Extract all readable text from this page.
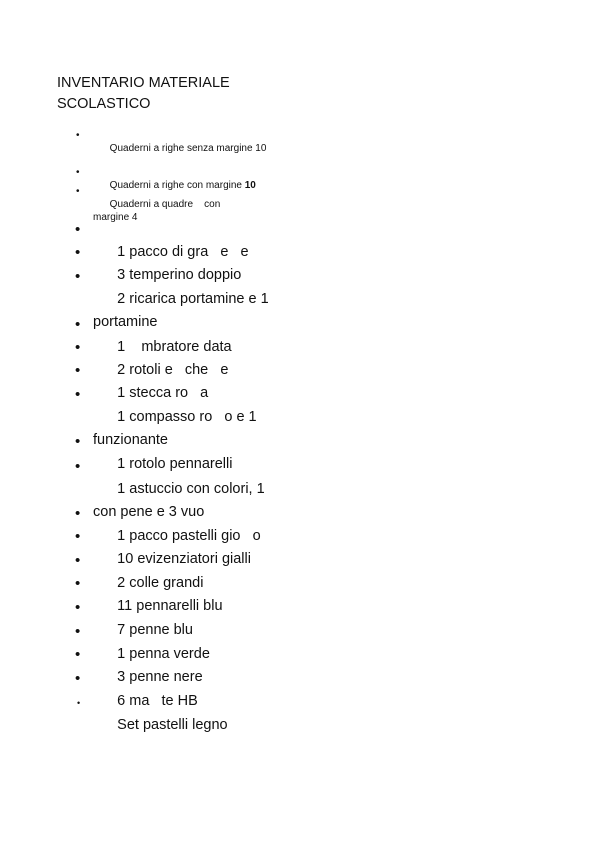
INVENTARIO MATERIALE
SCOLASTICO

•
Quaderni a righe senza margine 10

•
Quaderni a righe con margine 10

•
Quaderni a quadre    con margine 4

•
1 pacco di gra   e   e

•
3 temperino doppio

•
2 ricarica portamine e 1 portamine

•
1    mbratore data

•
2 rotoli e   che   e

•
1 stecca ro   a

•
1 compasso ro   o e 1 funzionante

•
1 rotolo pennarelli

•
1 astuccio con colori, 1 con pene e 3 vuo

•
1 pacco pastelli gio   o

•
10 evizenziatori gialli

•
2 colle grandi

•
11 pennarelli blu

•
7 penne blu

•
1 penna verde

•
3 penne nere

•
6 ma   te HB

•
Set pastelli legno
